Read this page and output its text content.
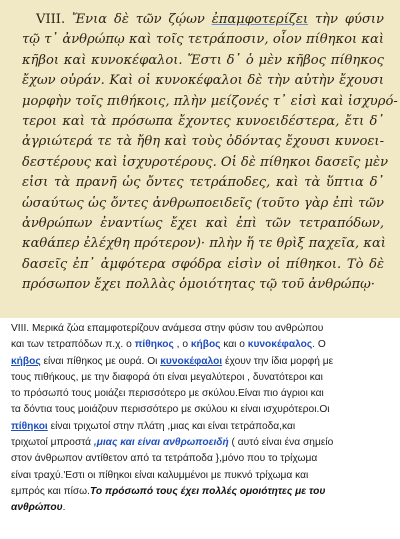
VIII. Ἔνια δὲ τῶν ζῴων ἐπαμφοτερίζει τὴν φύσιν
τῷ τ᾽ ἀνθρώπῳ καὶ τοῖς τετράποσιν, οἷον πίθηκοι καὶ
κῆβοι καὶ κυνοκέφαλοι. Ἔστι δ᾽ ὁ μὲν κῆβος πίθηκος
ἔχων οὐράν. Καὶ οἱ κυνοκέφαλοι δὲ τὴν αὐτὴν ἔχουσι
μορφὴν τοῖς πιθήκοις, πλὴν μείζονές τ᾽ εἰσὶ καὶ ἰσχυρό-
τεροι καὶ τὰ πρόσωπα ἔχοντες κυνοειδέστερα, ἔτι δ᾽
ἀγριώτερά τε τὰ ἤθη καὶ τοὺς ὀδόντας ἔχουσι κυνοει-
δεστέρους καὶ ἰσχυροτέρους. Οἱ δὲ πίθηκοι δασεῖς μὲν
εἰσι τὰ πρανῆ ὡς ὄντες τετράποδες, καὶ τὰ ὕπτια δ᾽
ὡσαύτως ὡς ὄντες ἀνθρωποειδεῖς (τοῦτο γὰρ ἐπὶ τῶν
ἀνθρώπων ἐναντίως ἔχει καὶ ἐπὶ τῶν τετραπόδων,
καθάπερ ἐλέχθη πρότερον)· πλὴν ἥ τε θρὶξ παχεῖα, καὶ
δασεῖς ἐπ᾽ ἀμφότερα σφόδρα εἰσὶν οἱ πίθηκοι. Τὸ δὲ
πρόσωπον ἔχει πολλὰς ὁμοιότητας τῷ τοῦ ἀνθρώπῳ·
VIII. Μερικά ζώα επαμφοτερίζουν ανάμεσα στην φύσιν του ανθρώπου
και των τετραπόδων π.χ. ο πίθηκος , ο κήβος και ο κυνοκέφαλος. Ο
κήβος είναι πίθηκος με ουρά. Οι κυνοκέφαλοι έχουν την ίδια μορφή με
τους πιθήκους, με την διαφορά ότι είναι μεγαλύτεροι , δυνατότεροι και
το πρόσωπό τους μοιάζει περισσότερο με σκύλου.Είναι πιο άγριοι και
τα δόντια τους μοιάζουν περισσότερο με σκύλου κι είναι ισχυρότεροι.Οι
πίθηκοι είναι τριχωτοί στην πλάτη ,μιας και είναι τετράποδα,και
τριχωτοί μπροστά ,μιας και είναι ανθρωποειδή ( αυτό είναι ένα σημείο
στον άνθρωπον αντίθετον από τα τετράποδα },μόνο που το τρίχωμα
είναι τραχύ.'Εστι οι πίθηκοι είναι καλυμμένοι με πυκνό τρίχωμα και
εμπρός και πίσω.Το πρόσωπό τους έχει πολλές ομοιότητες με του
ανθρώπου.
